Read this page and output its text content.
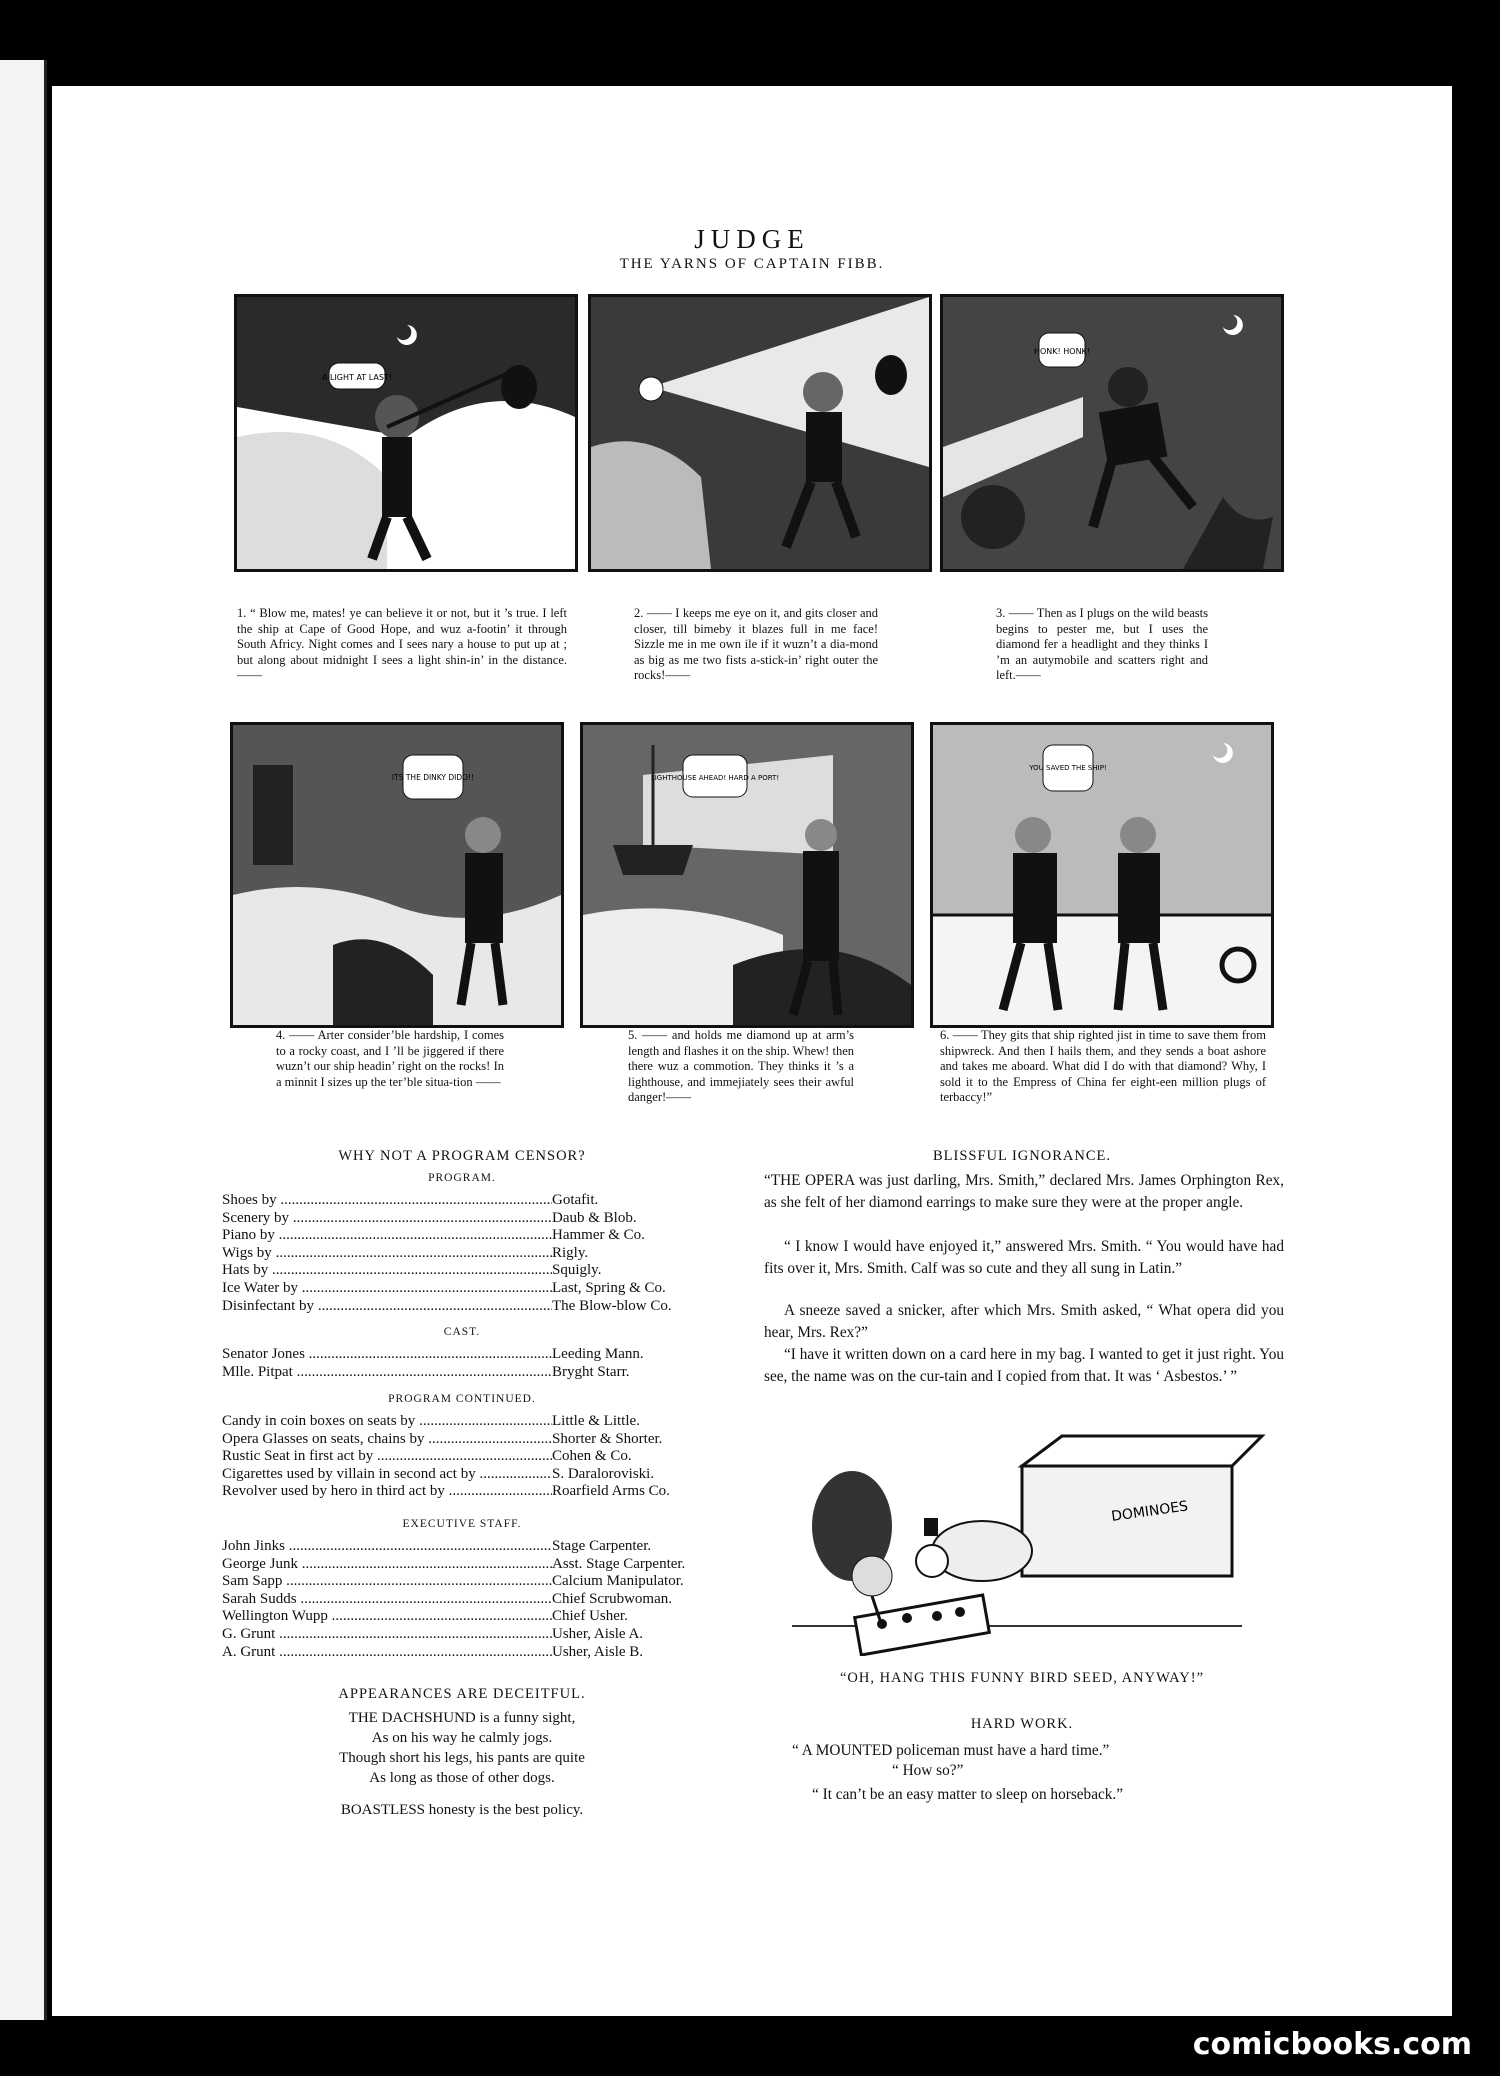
JUDGE
THE YARNS OF CAPTAIN FIBB.
A LIGHT AT LAST!
HONK! HONK!
1. “ Blow me, mates! ye can believe it or not, but it ’s true. I left the ship at Cape of Good Hope, and wuz a-footin’ it through South Africy. Night comes and I sees nary a house to put up at ; but along about midnight I sees a light shin-in’ in the distance.——
2. —— I keeps me eye on it, and gits closer and closer, till bimeby it blazes full in me face! Sizzle me in me own ile if it wuzn’t a dia-mond as big as me two fists a-stick-in’ right outer the rocks!——
3. —— Then as I plugs on the wild beasts begins to pester me, but I uses the diamond fer a headlight and they thinks I ’m an autymobile and scatters right and left.——
ITS THE DINKY DIDO!!	LIGHTHOUSE AHEAD! HARD A PORT!
YOU SAVED THE SHIP!
4. —— Arter consider’ble hardship, I comes to a rocky coast, and I ’ll be jiggered if there wuzn’t our ship headin’ right on the rocks! In a minnit I sizes up the ter’ble situa-tion ——
5. —— and holds me diamond up at arm’s length and flashes it on the ship. Whew! then there wuz a commotion. They thinks it ’s a lighthouse, and immejiately sees their awful danger!——
6. —— They gits that ship righted jist in time to save them from shipwreck. And then I hails them, and they sends a boat ashore and takes me aboard. What did I do with that diamond? Why, I sold it to the Empress of China fer eight-een million plugs of terbaccy!”
WHY NOT A PROGRAM CENSOR?
PROGRAM.
CAST.
PROGRAM CONTINUED.
EXECUTIVE STAFF.
APPEARANCES ARE DECEITFUL.
THE DACHSHUND is a funny sight,
As on his way he calmly jogs.
Though short his legs, his pants are quite
As long as those of other dogs.
BOASTLESS honesty is the best policy.
BLISSFUL IGNORANCE.
“THE OPERA was just darling, Mrs. Smith,” declared Mrs. James Orphington Rex, as she felt of her diamond earrings to make sure they were at the proper angle.
“ I know I would have enjoyed it,” answered Mrs. Smith. “ You would have had fits over it, Mrs. Smith. Calf was so cute and they all sung in Latin.”
A sneeze saved a snicker, after which Mrs. Smith asked, “ What opera did you hear, Mrs. Rex?”
“I have it written down on a card here in my bag. I wanted to get it just right. You see, the name was on the cur-tain and I copied from that. It was ‘ Asbestos.’ ”
DOMINOES
“OH, HANG THIS FUNNY BIRD SEED, ANYWAY!”
HARD WORK.
“ A MOUNTED policeman must have a hard time.”
“ How so?”
“ It can’t be an easy matter to sleep on horseback.”
Shoes by .....	Gotafit.
Scenery by .....	Daub & Blob.
Piano by .....	Hammer & Co.
Wigs by .....	Rigly.
Hats by .....	Squigly.
Ice Water by .....	Last, Spring & Co.
Disinfectant by .....	The Blow-blow Co.
Senator Jones .....	Leeding Mann.
Mlle. Pitpat .....	Bryght Starr.
Candy in coin boxes on seats by .....	Little & Little.
Opera Glasses on seats, chains by .....	Shorter & Shorter.
Rustic Seat in first act by .....	Cohen & Co.
Cigarettes used by villain in second act by .....	S. Daraloroviski.
Revolver used by hero in third act by .....	Roarfield Arms Co.
John Jinks .....	Stage Carpenter.
George Junk .....	Asst. Stage Carpenter.
Sam Sapp .....	Calcium Manipulator.
Sarah Sudds .....	Chief Scrubwoman.
Wellington Wupp .....	Chief Usher.
G. Grunt .....	Usher, Aisle A.
A. Grunt .....	Usher, Aisle B.
comicbooks.com
